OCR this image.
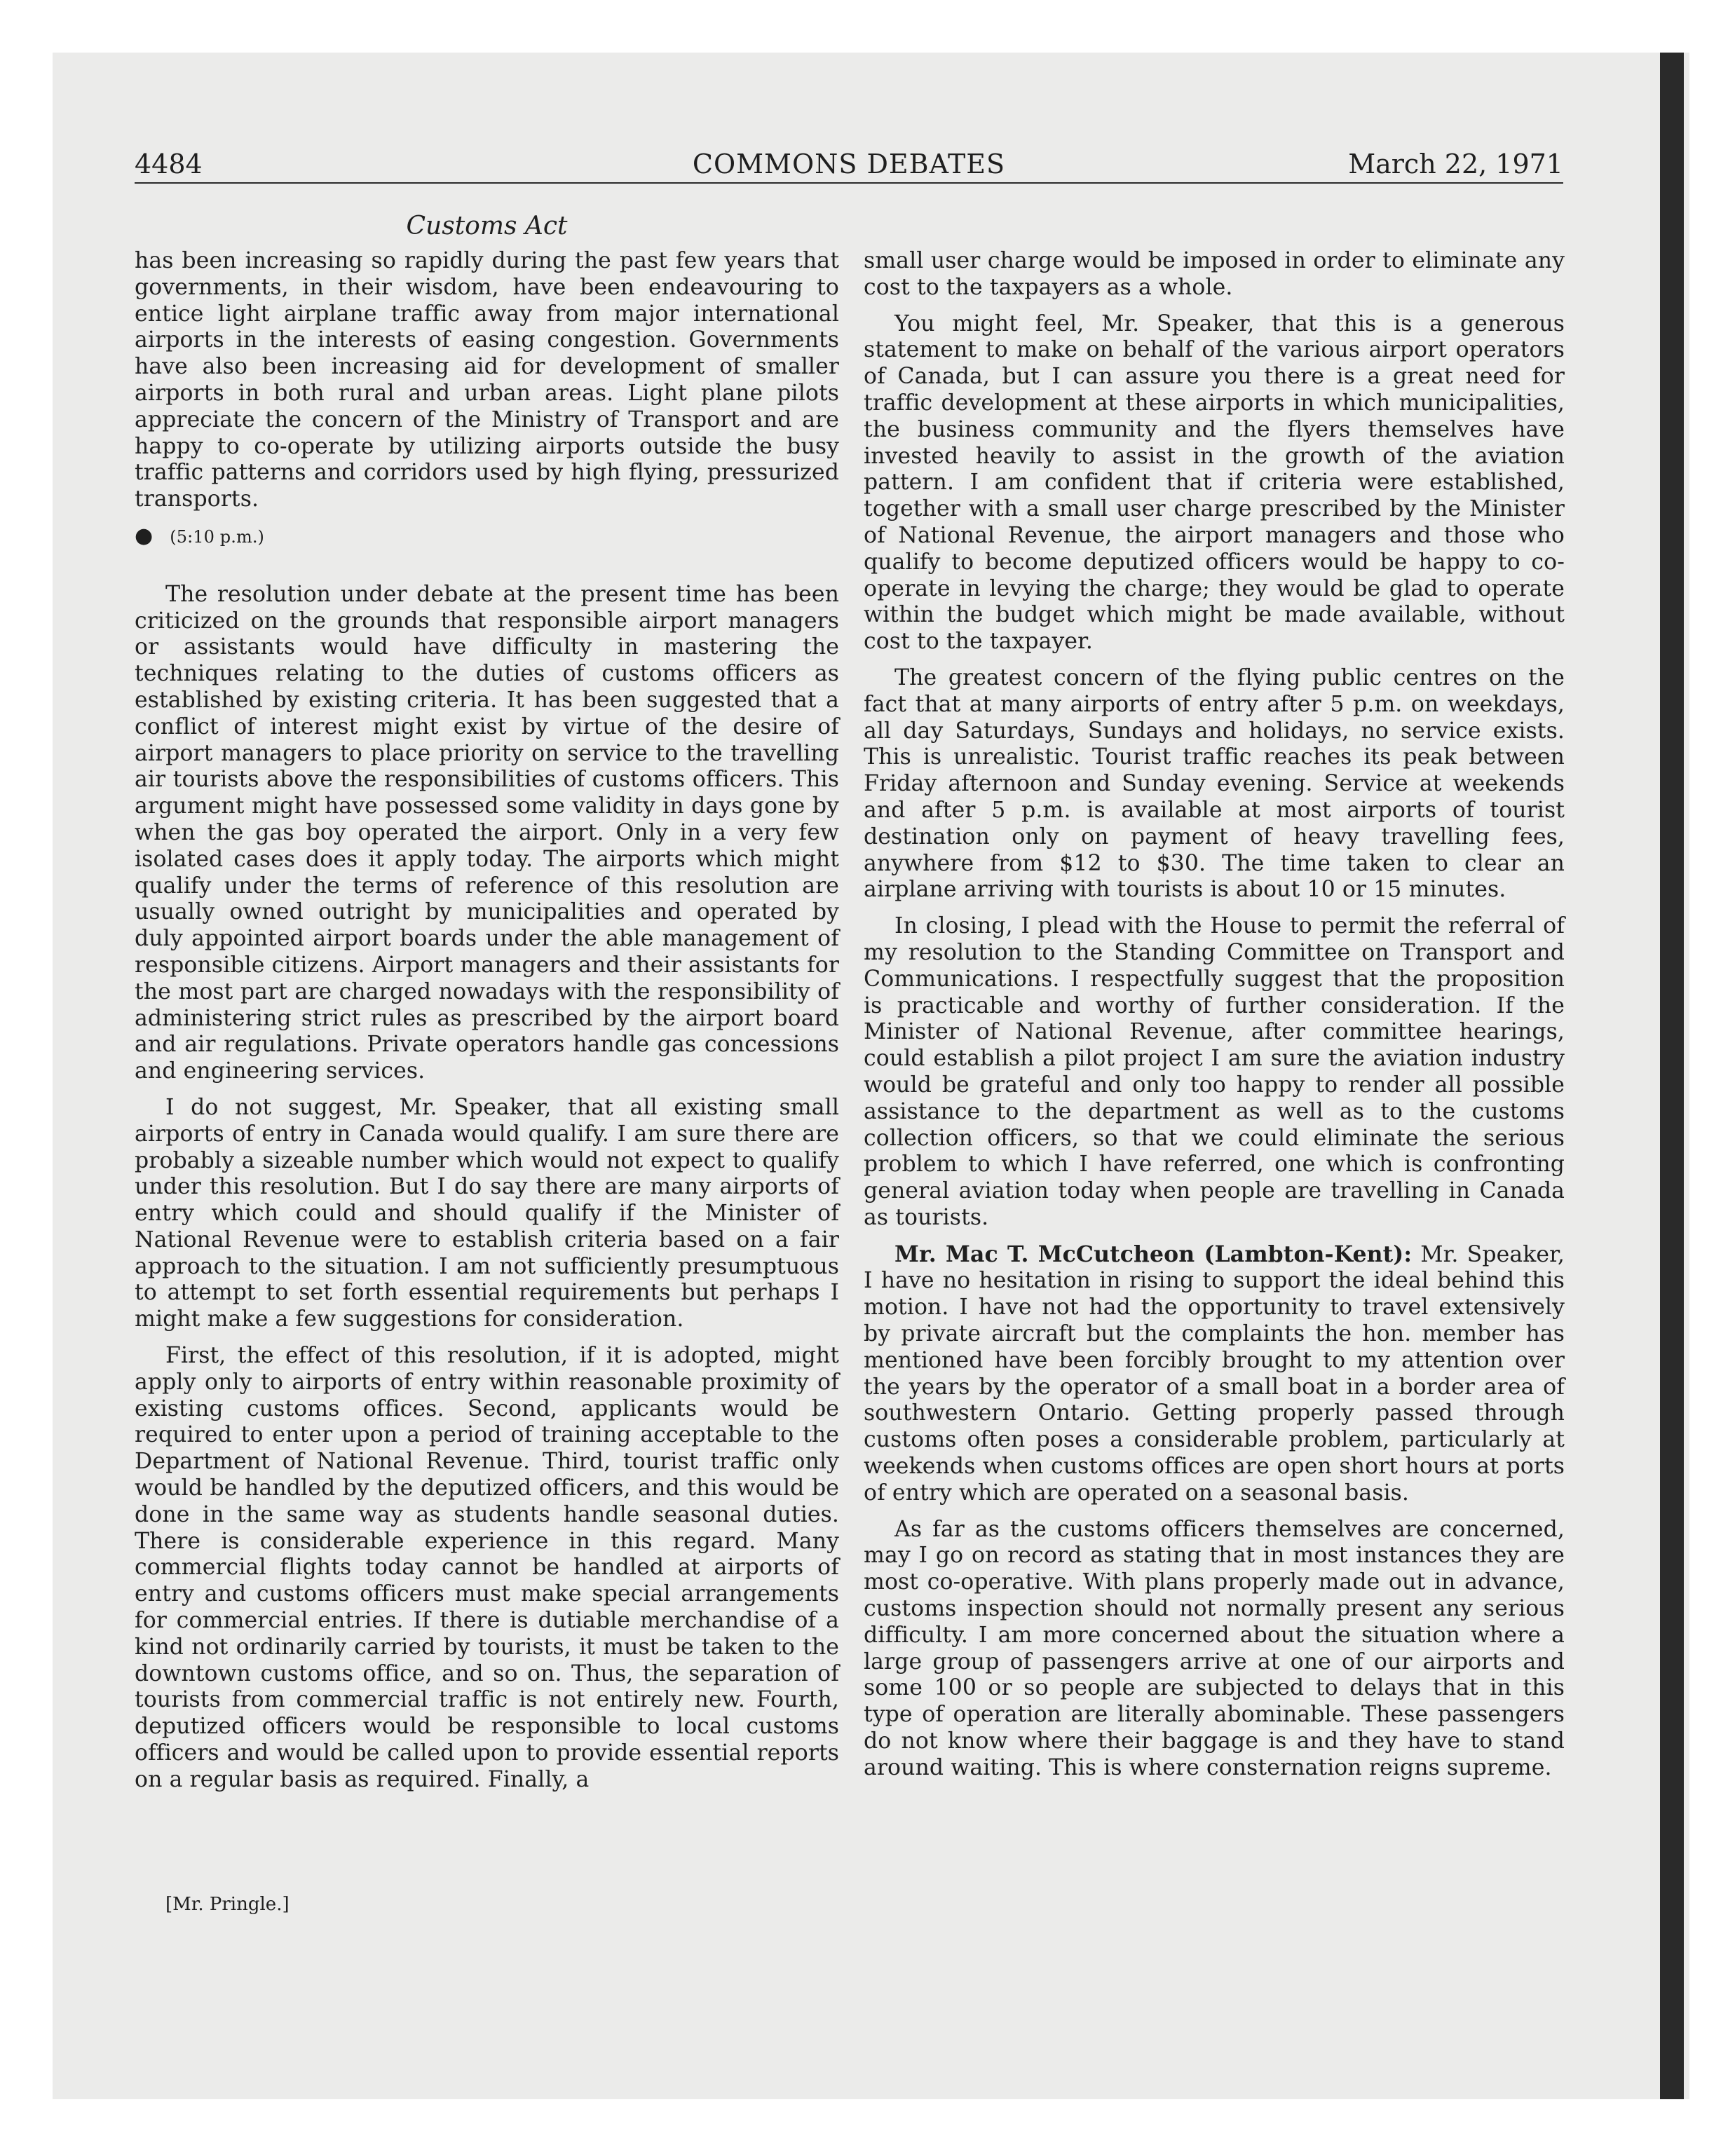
4484	COMMONS DEBATES	March 22, 1971
Customs Act

has been increasing so rapidly during the past few years that governments, in their wisdom, have been endeavouring to entice light airplane traffic away from major international airports in the interests of easing congestion. Governments have also been increasing aid for development of smaller airports in both rural and urban areas. Light plane pilots appreciate the concern of the Ministry of Transport and are happy to co-operate by utilizing airports outside the busy traffic patterns and corridors used by high flying, pressurized transports.

● (5:10 p.m.)

The resolution under debate at the present time has been criticized on the grounds that responsible airport managers or assistants would have difficulty in mastering the techniques relating to the duties of customs officers as established by existing criteria. It has been suggested that a conflict of interest might exist by virtue of the desire of airport managers to place priority on service to the travelling air tourists above the responsibilities of customs officers. This argument might have possessed some validity in days gone by when the gas boy operated the airport. Only in a very few isolated cases does it apply today. The airports which might qualify under the terms of reference of this resolution are usually owned outright by municipalities and operated by duly appointed airport boards under the able management of responsible citizens. Airport managers and their assistants for the most part are charged nowadays with the responsibility of administering strict rules as prescribed by the airport board and air regulations. Private operators handle gas concessions and engineering services.

I do not suggest, Mr. Speaker, that all existing small airports of entry in Canada would qualify. I am sure there are probably a sizeable number which would not expect to qualify under this resolution. But I do say there are many airports of entry which could and should qualify if the Minister of National Revenue were to establish criteria based on a fair approach to the situation. I am not sufficiently presumptuous to attempt to set forth essential requirements but perhaps I might make a few suggestions for consideration.

First, the effect of this resolution, if it is adopted, might apply only to airports of entry within reasonable proximity of existing customs offices. Second, applicants would be required to enter upon a period of training acceptable to the Department of National Revenue. Third, tourist traffic only would be handled by the deputized officers, and this would be done in the same way as students handle seasonal duties. There is considerable experience in this regard. Many commercial flights today cannot be handled at airports of entry and customs officers must make special arrangements for commercial entries. If there is dutiable merchandise of a kind not ordinarily carried by tourists, it must be taken to the downtown customs office, and so on. Thus, the separation of tourists from commercial traffic is not entirely new. Fourth, deputized officers would be responsible to local customs officers and would be called upon to provide essential reports on a regular basis as required. Finally, a

small user charge would be imposed in order to eliminate any cost to the taxpayers as a whole.

You might feel, Mr. Speaker, that this is a generous statement to make on behalf of the various airport operators of Canada, but I can assure you there is a great need for traffic development at these airports in which municipalities, the business community and the flyers themselves have invested heavily to assist in the growth of the aviation pattern. I am confident that if criteria were established, together with a small user charge prescribed by the Minister of National Revenue, the airport managers and those who qualify to become deputized officers would be happy to co-operate in levying the charge; they would be glad to operate within the budget which might be made available, without cost to the taxpayer.

The greatest concern of the flying public centres on the fact that at many airports of entry after 5 p.m. on weekdays, all day Saturdays, Sundays and holidays, no service exists. This is unrealistic. Tourist traffic reaches its peak between Friday afternoon and Sunday evening. Service at weekends and after 5 p.m. is available at most airports of tourist destination only on payment of heavy travelling fees, anywhere from $12 to $30. The time taken to clear an airplane arriving with tourists is about 10 or 15 minutes.

In closing, I plead with the House to permit the referral of my resolution to the Standing Committee on Transport and Communications. I respectfully suggest that the proposition is practicable and worthy of further consideration. If the Minister of National Revenue, after committee hearings, could establish a pilot project I am sure the aviation industry would be grateful and only too happy to render all possible assistance to the department as well as to the customs collection officers, so that we could eliminate the serious problem to which I have referred, one which is confronting general aviation today when people are travelling in Canada as tourists.

Mr. Mac T. McCutcheon (Lambton-Kent): Mr. Speaker, I have no hesitation in rising to support the ideal behind this motion. I have not had the opportunity to travel extensively by private aircraft but the complaints the hon. member has mentioned have been forcibly brought to my attention over the years by the operator of a small boat in a border area of southwestern Ontario. Getting properly passed through customs often poses a considerable problem, particularly at weekends when customs offices are open short hours at ports of entry which are operated on a seasonal basis.

As far as the customs officers themselves are concerned, may I go on record as stating that in most instances they are most co-operative. With plans properly made out in advance, customs inspection should not normally present any serious difficulty. I am more concerned about the situation where a large group of passengers arrive at one of our airports and some 100 or so people are subjected to delays that in this type of operation are literally abominable. These passengers do not know where their baggage is and they have to stand around waiting. This is where consternation reigns supreme.

[Mr. Pringle.]
